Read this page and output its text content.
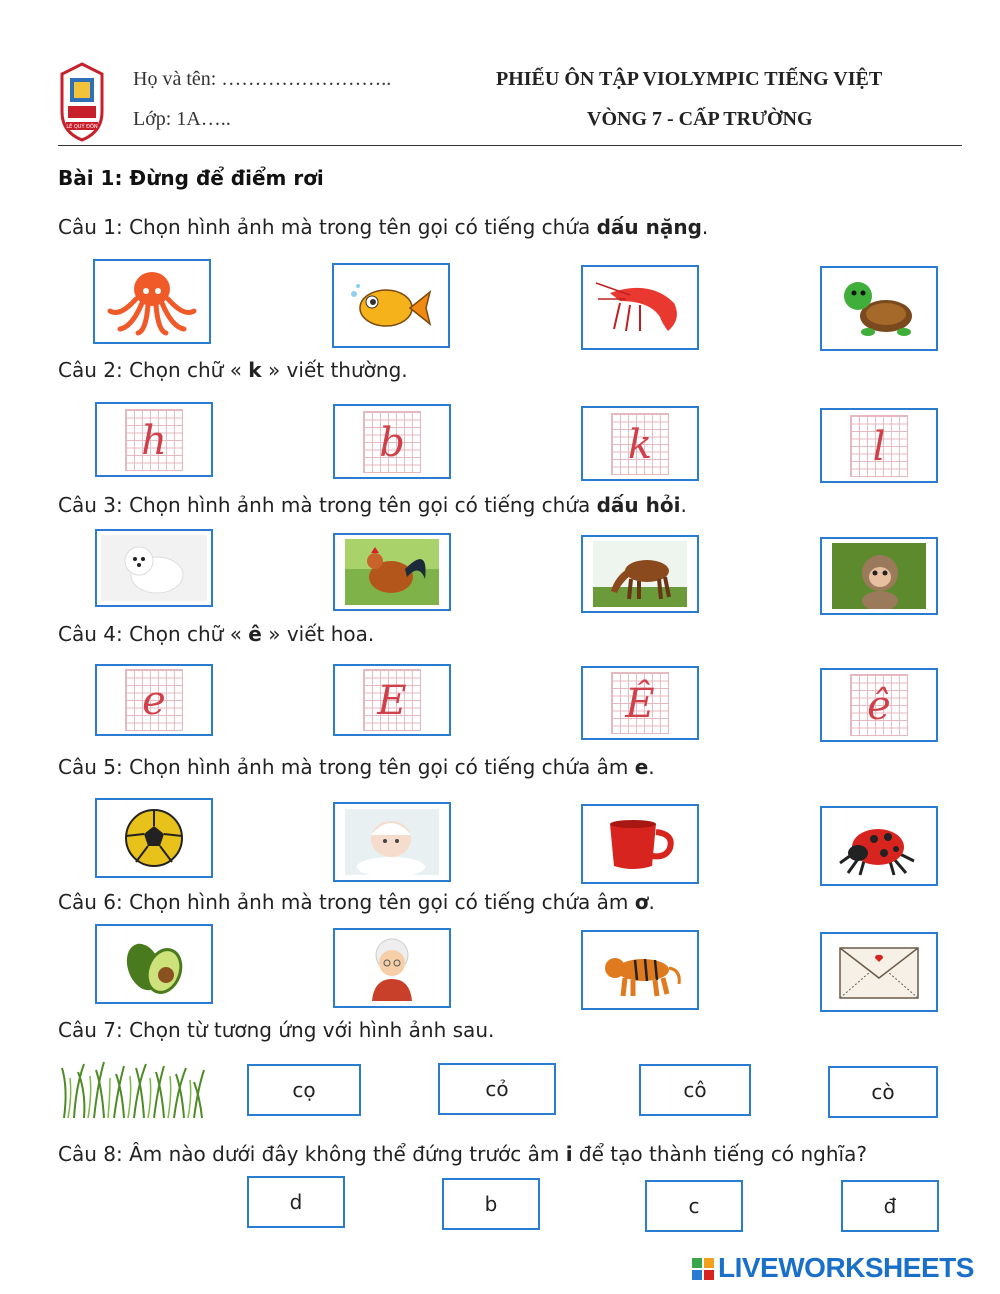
LÊ QUÝ ĐÔN
Họ và tên: ……………………..
Lớp: 1A…..
PHIẾU ÔN TẬP VIOLYMPIC TIẾNG VIỆT
VÒNG 7 - CẤP TRƯỜNG
Bài 1: Đừng để điểm rơi
Câu 1: Chọn hình ảnh mà trong tên gọi có tiếng chứa dấu nặng.
Câu 2: Chọn chữ « k » viết thường.
h	b	k	l
Câu 3: Chọn hình ảnh mà trong tên gọi có tiếng chứa dấu hỏi.
Câu 4: Chọn chữ « ê » viết hoa.
e	E	Ê	ê
Câu 5: Chọn hình ảnh mà trong tên gọi có tiếng chứa âm e.
Câu 6: Chọn hình ảnh mà trong tên gọi có tiếng chứa âm ơ.
Câu 7: Chọn từ tương ứng với hình ảnh sau.
cọ	cỏ	cô	cò
Câu 8: Âm nào dưới đây không thể đứng trước âm i để tạo thành tiếng có nghĩa?
d	b	c	đ
LIVEWORKSHEETS
